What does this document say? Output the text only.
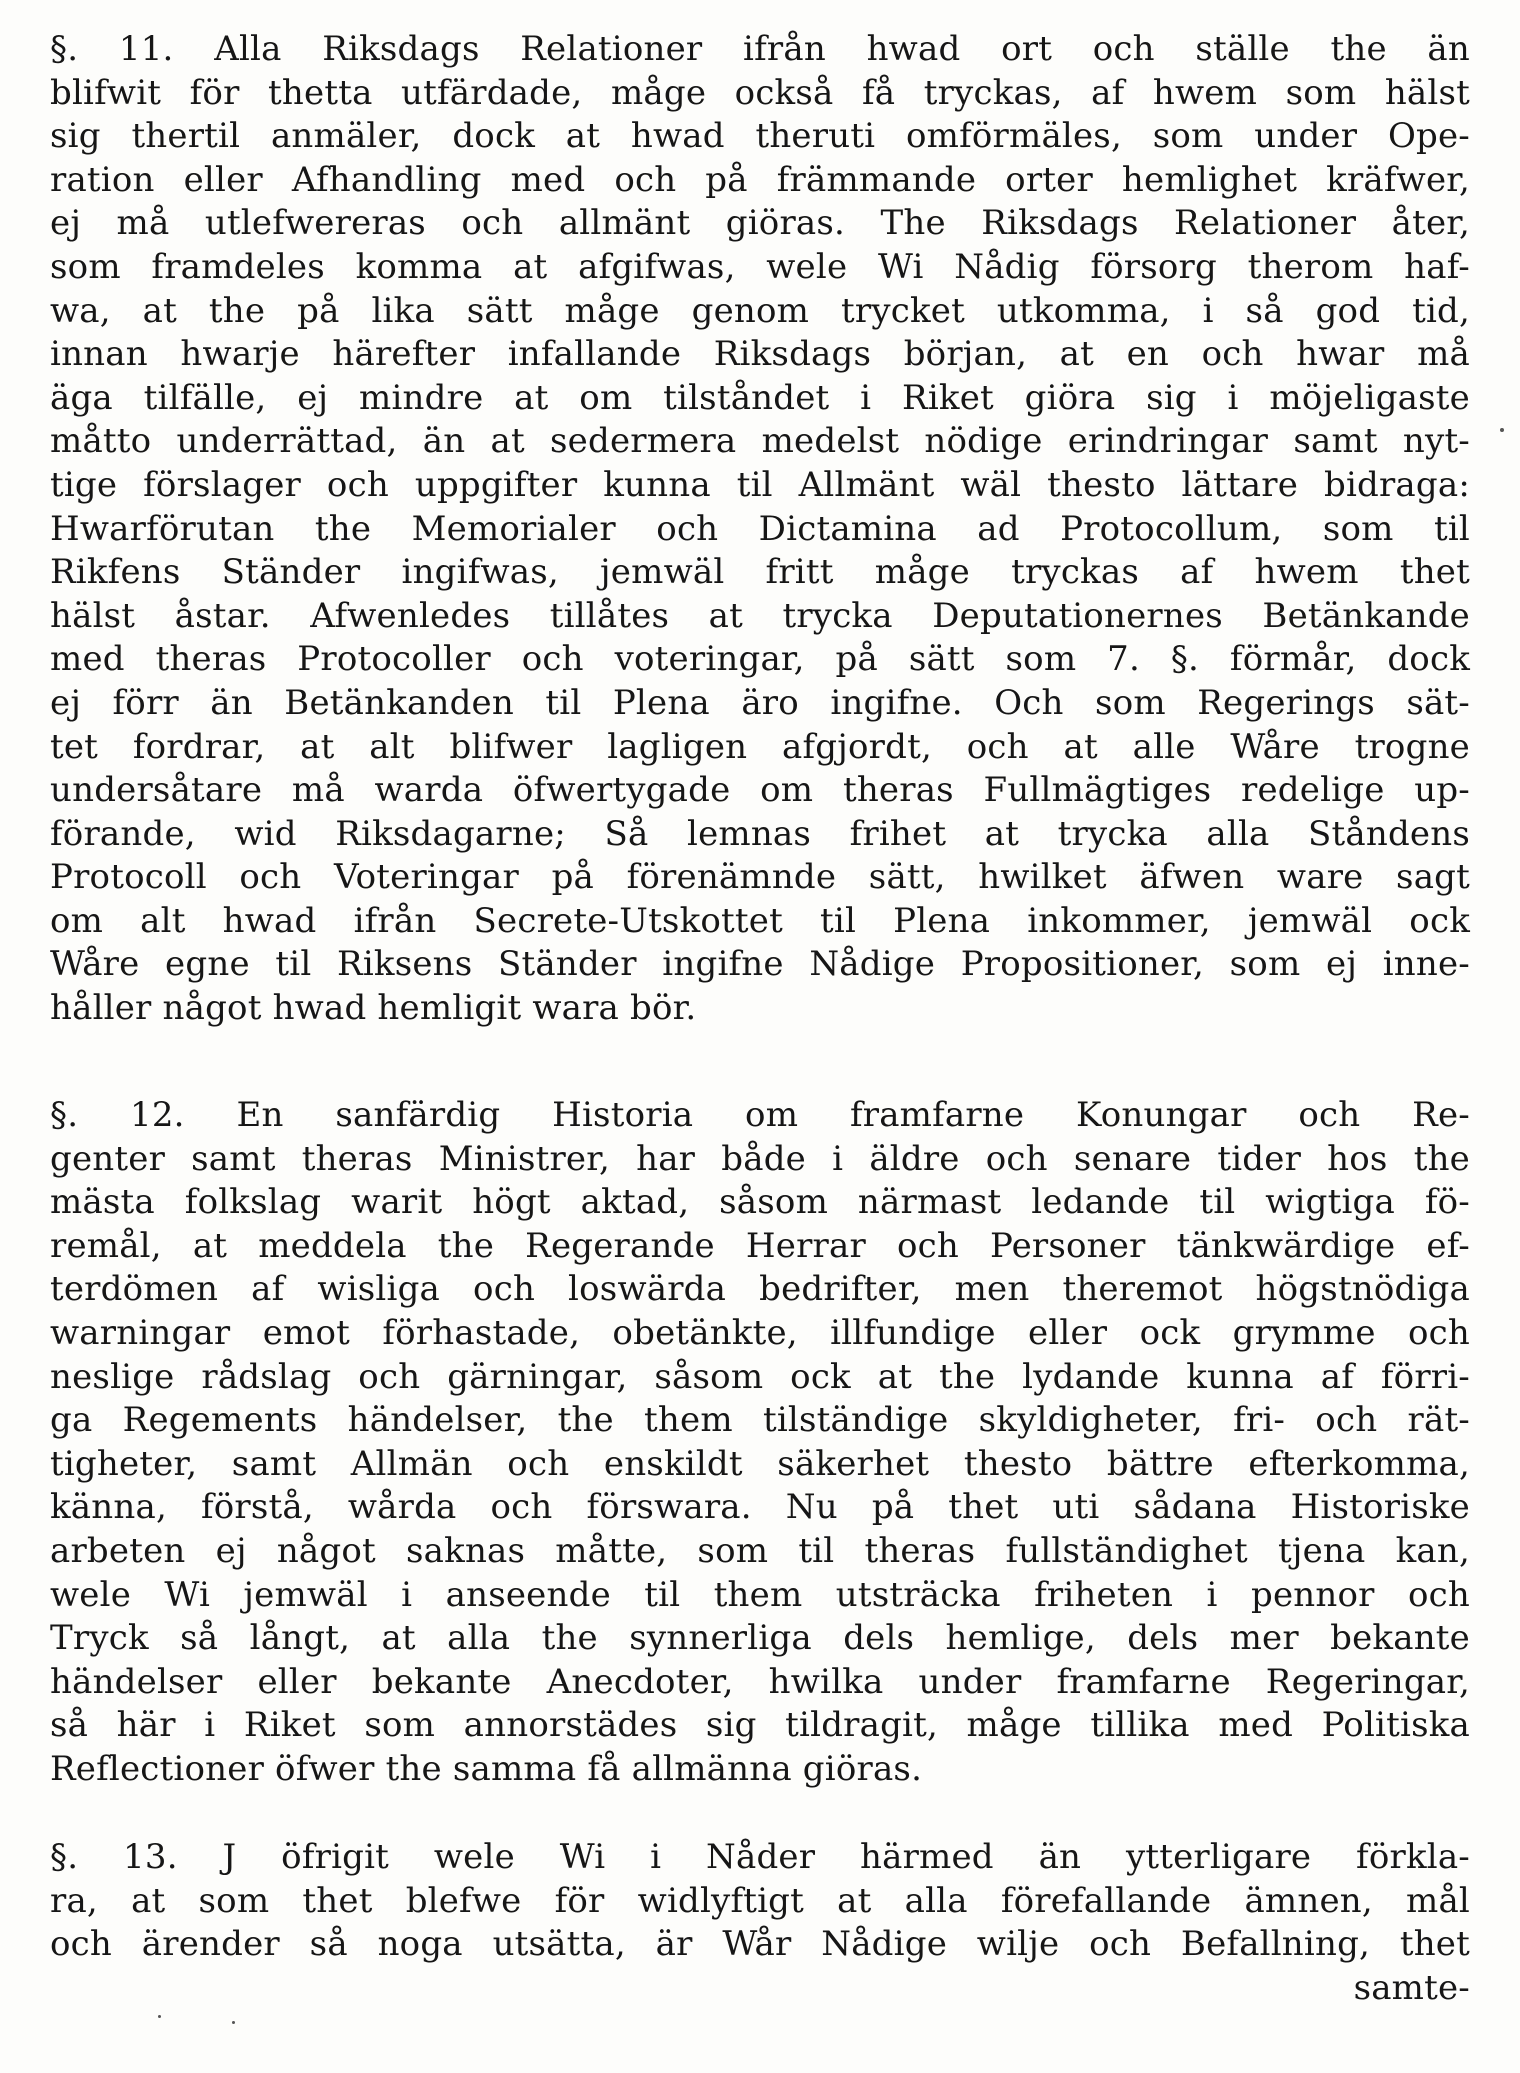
§. 11. Alla Riksdags Relationer ifrån hwad ort och ställe the än
blifwit för thetta utfärdade, måge också få tryckas, af hwem som hälst
sig thertil anmäler, dock at hwad theruti omförmäles, som under Ope-
ration eller Afhandling med och på främmande orter hemlighet kräfwer,
ej må utlefwereras och allmänt giöras. The Riksdags Relationer åter,
som framdeles komma at afgifwas, wele Wi Nådig försorg therom haf-
wa, at the på lika sätt måge genom trycket utkomma, i så god tid,
innan hwarje härefter infallande Riksdags början, at en och hwar må
äga tilfälle, ej mindre at om tilståndet i Riket giöra sig i möjeligaste
måtto underrättad, än at sedermera medelst nödige erindringar samt nyt-
tige förslager och uppgifter kunna til Allmänt wäl thesto lättare bidraga:
Hwarförutan the Memorialer och Dictamina ad Protocollum, som til
Rikfens Ständer ingifwas, jemwäl fritt måge tryckas af hwem thet
hälst åstar. Afwenledes tillåtes at trycka Deputationernes Betänkande
med theras Protocoller och voteringar, på sätt som 7. §. förmår, dock
ej förr än Betänkanden til Plena äro ingifne. Och som Regerings sät-
tet fordrar, at alt blifwer lagligen afgjordt, och at alle Wåre trogne
undersåtare må warda öfwertygade om theras Fullmägtiges redelige up-
förande, wid Riksdagarne; Så lemnas frihet at trycka alla Ståndens
Protocoll och Voteringar på förenämnde sätt, hwilket äfwen ware sagt
om alt hwad ifrån Secrete-Utskottet til Plena inkommer, jemwäl ock
Wåre egne til Riksens Ständer ingifne Nådige Propositioner, som ej inne-
håller något hwad hemligit wara bör.
§. 12. En sanfärdig Historia om framfarne Konungar och Re-
genter samt theras Ministrer, har både i äldre och senare tider hos the
mästa folkslag warit högt aktad, såsom närmast ledande til wigtiga fö-
remål, at meddela the Regerande Herrar och Personer tänkwärdige ef-
terdömen af wisliga och loswärda bedrifter, men theremot högstnödiga
warningar emot förhastade, obetänkte, illfundige eller ock grymme och
neslige rådslag och gärningar, såsom ock at the lydande kunna af förri-
ga Regements händelser, the them tilständige skyldigheter, fri- och rät-
tigheter, samt Allmän och enskildt säkerhet thesto bättre efterkomma,
känna, förstå, wårda och förswara. Nu på thet uti sådana Historiske
arbeten ej något saknas måtte, som til theras fullständighet tjena kan,
wele Wi jemwäl i anseende til them utsträcka friheten i pennor och
Tryck så långt, at alla the synnerliga dels hemlige, dels mer bekante
händelser eller bekante Anecdoter, hwilka under framfarne Regeringar,
så här i Riket som annorstädes sig tildragit, måge tillika med Politiska
Reflectioner öfwer the samma få allmänna giöras.
§. 13. J öfrigit wele Wi i Nåder härmed än ytterligare förkla-
ra, at som thet blefwe för widlyftigt at alla förefallande ämnen, mål
och ärender så noga utsätta, är Wår Nådige wilje och Befallning, thet
samte-
